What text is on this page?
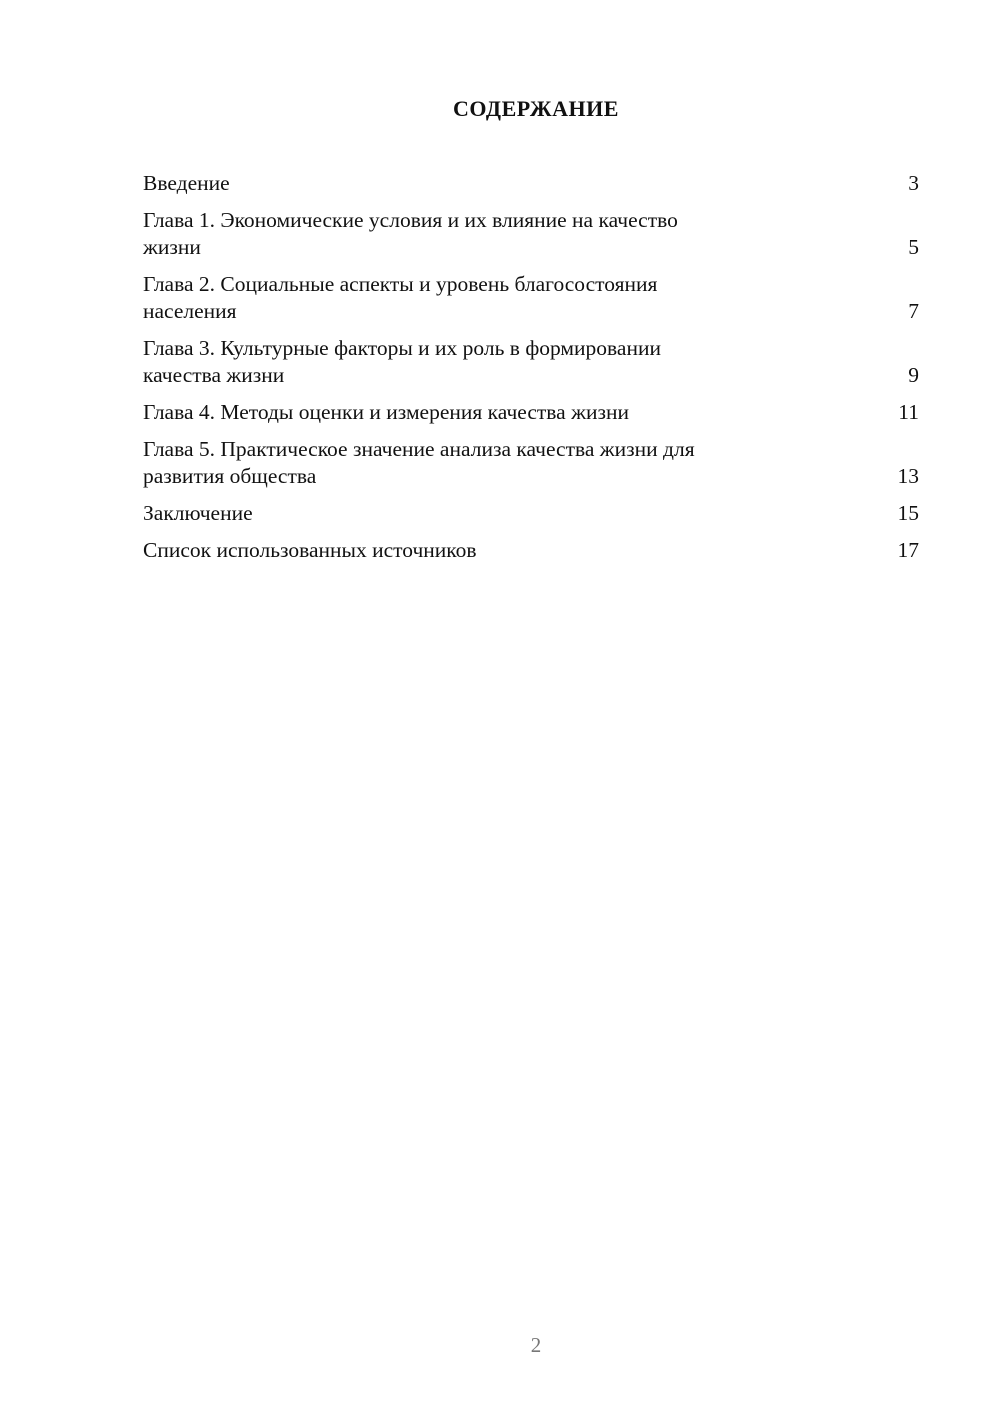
СОДЕРЖАНИЕ
Введение	3
Глава 1. Экономические условия и их влияние на качество
жизни	5
Глава 2. Социальные аспекты и уровень благосостояния
населения	7
Глава 3. Культурные факторы и их роль в формировании
качества жизни	9
Глава 4. Методы оценки и измерения качества жизни	11
Глава 5. Практическое значение анализа качества жизни для
развития общества	13
Заключение	15
Список использованных источников	17
2
